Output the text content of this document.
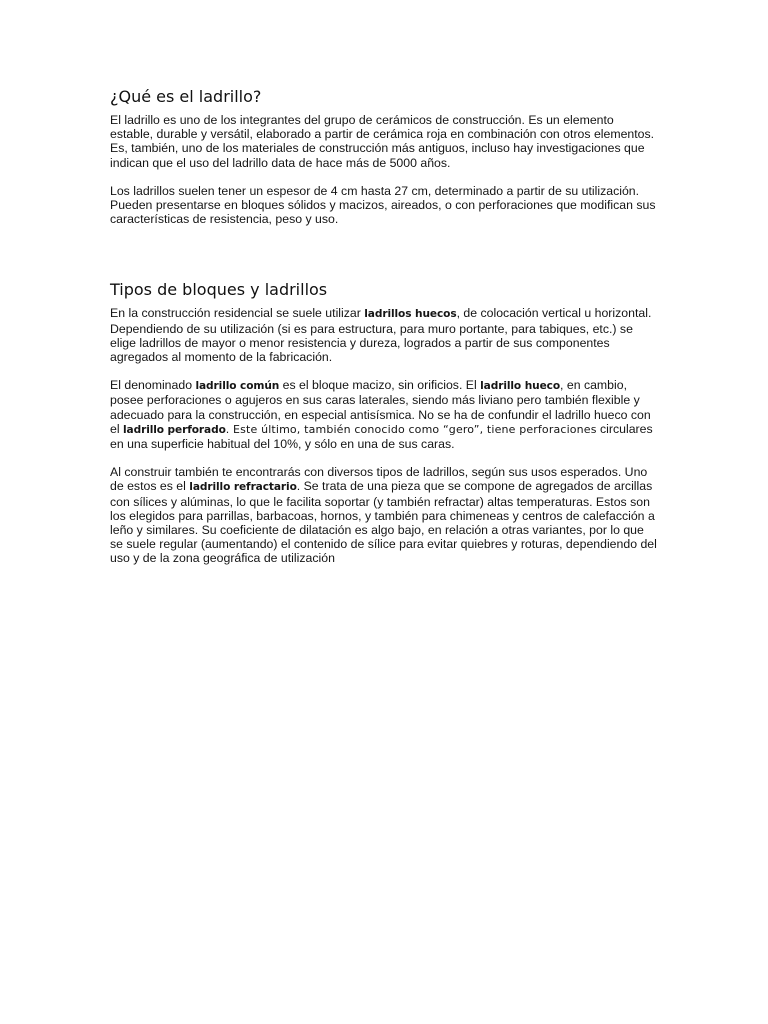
¿Qué es el ladrillo?

El ladrillo es uno de los integrantes del grupo de cerámicos de construcción. Es un elemento estable, durable y versátil, elaborado a partir de cerámica roja en combinación con otros elementos. Es, también, uno de los materiales de construcción más antiguos, incluso hay investigaciones que indican que el uso del ladrillo data de hace más de 5000 años.

Los ladrillos suelen tener un espesor de 4 cm hasta 27 cm, determinado a partir de su utilización. Pueden presentarse en bloques sólidos y macizos, aireados, o con perforaciones que modifican sus características de resistencia, peso y uso.

Tipos de bloques y ladrillos

En la construcción residencial se suele utilizar ladrillos huecos, de colocación vertical u horizontal. Dependiendo de su utilización (si es para estructura, para muro portante, para tabiques, etc.) se elige ladrillos de mayor o menor resistencia y dureza, logrados a partir de sus componentes agregados al momento de la fabricación.

El denominado ladrillo común es el bloque macizo, sin orificios. El ladrillo hueco, en cambio, posee perforaciones o agujeros en sus caras laterales, siendo más liviano pero también flexible y adecuado para la construcción, en especial antisísmica. No se ha de confundir el ladrillo hueco con el ladrillo perforado. Este último, también conocido como “gero”, tiene perforaciones circulares en una superficie habitual del 10%, y sólo en una de sus caras.

Al construir también te encontrarás con diversos tipos de ladrillos, según sus usos esperados. Uno de estos es el ladrillo refractario. Se trata de una pieza que se compone de agregados de arcillas con sílices y alúminas, lo que le facilita soportar (y también refractar) altas temperaturas. Estos son los elegidos para parrillas, barbacoas, hornos, y también para chimeneas y centros de calefacción a leño y similares. Su coeficiente de dilatación es algo bajo, en relación a otras variantes, por lo que se suele regular (aumentando) el contenido de sílice para evitar quiebres y roturas, dependiendo del uso y de la zona geográfica de utilización
